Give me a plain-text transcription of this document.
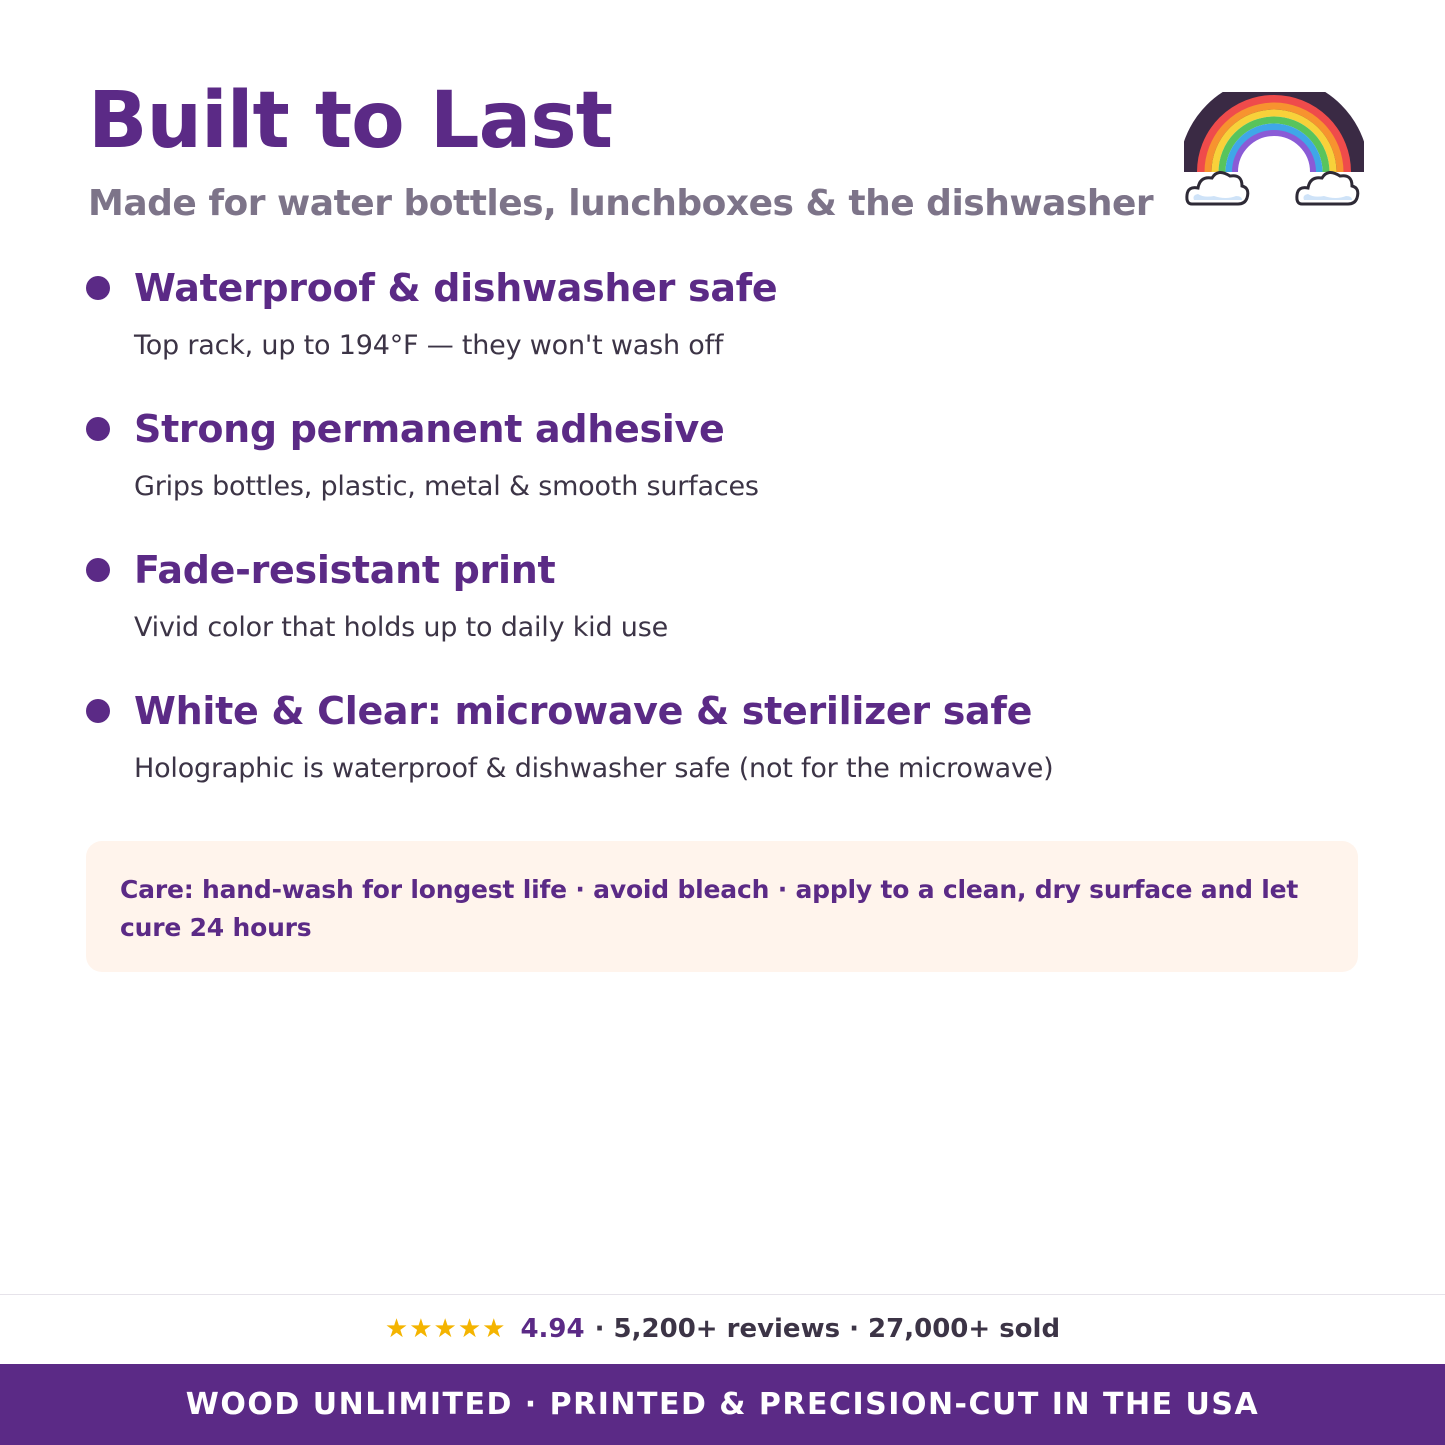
Built to Last

Made for water bottles, lunchboxes & the dishwasher

Waterproof & dishwasher safe
Top rack, up to 194°F — they won't wash off
Strong permanent adhesive
Grips bottles, plastic, metal & smooth surfaces
Fade-resistant print
Vivid color that holds up to daily kid use
White & Clear: microwave & sterilizer safe
Holographic is waterproof & dishwasher safe (not for the microwave)
Care: hand-wash for longest life · avoid bleach · apply to a clean, dry surface and let cure 24 hours
★★★★★ 4.94 · 5,200+ reviews · 27,000+ sold
WOOD UNLIMITED · PRINTED & PRECISION-CUT IN THE USA
